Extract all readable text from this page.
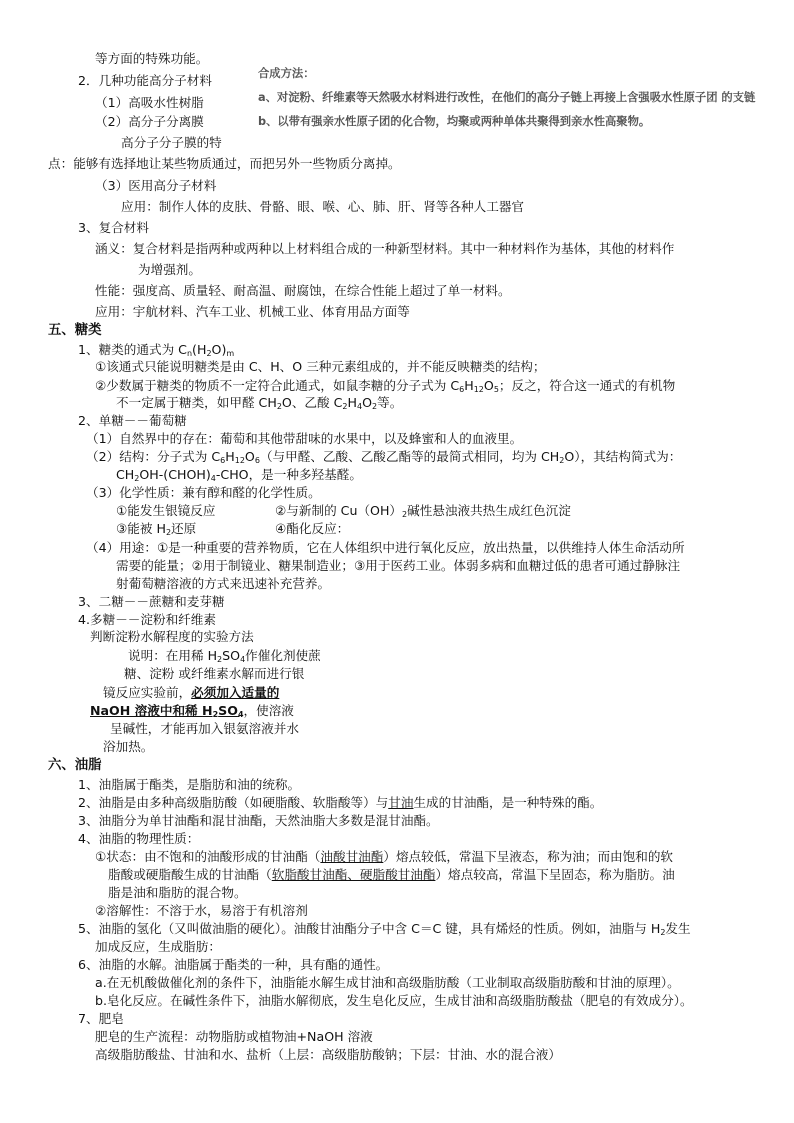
合成方法：
a、对淀粉、纤维素等天然吸水材料进行改性，在他们的高分子链上再接上含强吸水性原子团 的支链
b、以带有强亲水性原子团的化合物，均聚或两种单体共聚得到亲水性高聚物。
等方面的特殊功能。
2．几种功能高分子材料
（1）高吸水性树脂
（2）高分子分离膜
高分子分子膜的特
点：能够有选择地让某些物质通过，而把另外一些物质分离掉。
（3）医用高分子材料
应用：制作人体的皮肤、骨骼、眼、喉、心、肺、肝、肾等各种人工器官
3、复合材料
涵义：复合材料是指两种或两种以上材料组合成的一种新型材料。其中一种材料作为基体，其他的材料作
为增强剂。
性能：强度高、质量轻、耐高温、耐腐蚀，在综合性能上超过了单一材料。
应用：宇航材料、汽车工业、机械工业、体育用品方面等
五、糖类
1、糖类的通式为 $C_n(H_2O)_m$
①该通式只能说明糖类是由 C、H、O 三种元素组成的，并不能反映糖类的结构；
②少数属于糖类的物质不一定符合此通式，如鼠李糖的分子式为 $C_6H_{12}O_5$；反之，符合这一通式的有机物
不一定属于糖类，如甲醛 $CH_2O$、乙酸 $C_2H_4O_2$等。
2、单糖－－葡萄糖
（1）自然界中的存在：葡萄和其他带甜味的水果中，以及蜂蜜和人的血液里。
（2）结构：分子式为 $C_6H_{12}O_6$（与甲醛、乙酸、乙酸乙酯等的最简式相同，均为 $CH_2O$），其结构简式为：
$CH_2OH-(CHOH)_4$-CHO，是一种多羟基醛。
（3）化学性质：兼有醇和醛的化学性质。
①能发生银镜反应	②与新制的 $Cu(OH)_2$碱性悬浊液共热生成红色沉淀
③能被 $H_2$还原	④酯化反应：
（4）用途：①是一种重要的营养物质，它在人体组织中进行氧化反应，放出热量，以供维持人体生命活动所
需要的能量；②用于制镜业、糖果制造业；③用于医药工业。体弱多病和血糖过低的患者可通过静脉注
射葡萄糖溶液的方式来迅速补充营养。
3、二糖－－蔗糖和麦芽糖
4.多糖－－淀粉和纤维素
判断淀粉水解程度的实验方法
说明：在用稀 $H_2SO_4$作催化剂使蔗
糖、淀粉 或纤维素水解而进行银
镜反应实验前，必须加入适量的
NaOH 溶液中和稀 $H_2SO_4$，使溶液
呈碱性，才能再加入银氨溶液并水
浴加热。
六、油脂
1、油脂属于酯类，是脂肪和油的统称。
2、油脂是由多种高级脂肪酸（如硬脂酸、软脂酸等）与甘油生成的甘油酯，是一种特殊的酯。
3、油脂分为单甘油酯和混甘油酯，天然油脂大多数是混甘油酯。
4、油脂的物理性质：
①状态：由不饱和的油酸形成的甘油酯（油酸甘油酯）熔点较低，常温下呈液态，称为油；而由饱和的软
脂酸或硬脂酸生成的甘油酯（软脂酸甘油酯、硬脂酸甘油酯）熔点较高，常温下呈固态，称为脂肪。油
脂是油和脂肪的混合物。
②溶解性：不溶于水，易溶于有机溶剂
5、油脂的氢化（又叫做油脂的硬化）。油酸甘油酯分子中含 C＝C 键，具有烯烃的性质。例如，油脂与 $H_2$发生
加成反应，生成脂肪：
6、油脂的水解。油脂属于酯类的一种，具有酯的通性。
a.在无机酸做催化剂的条件下，油脂能水解生成甘油和高级脂肪酸（工业制取高级脂肪酸和甘油的原理）。
b.皂化反应。在碱性条件下，油脂水解彻底，发生皂化反应，生成甘油和高级脂肪酸盐（肥皂的有效成分）。
7、肥皂
肥皂的生产流程：动物脂肪或植物油+NaOH 溶液
高级脂肪酸盐、甘油和水、盐析（上层：高级脂肪酸钠；下层：甘油、水的混合液）
